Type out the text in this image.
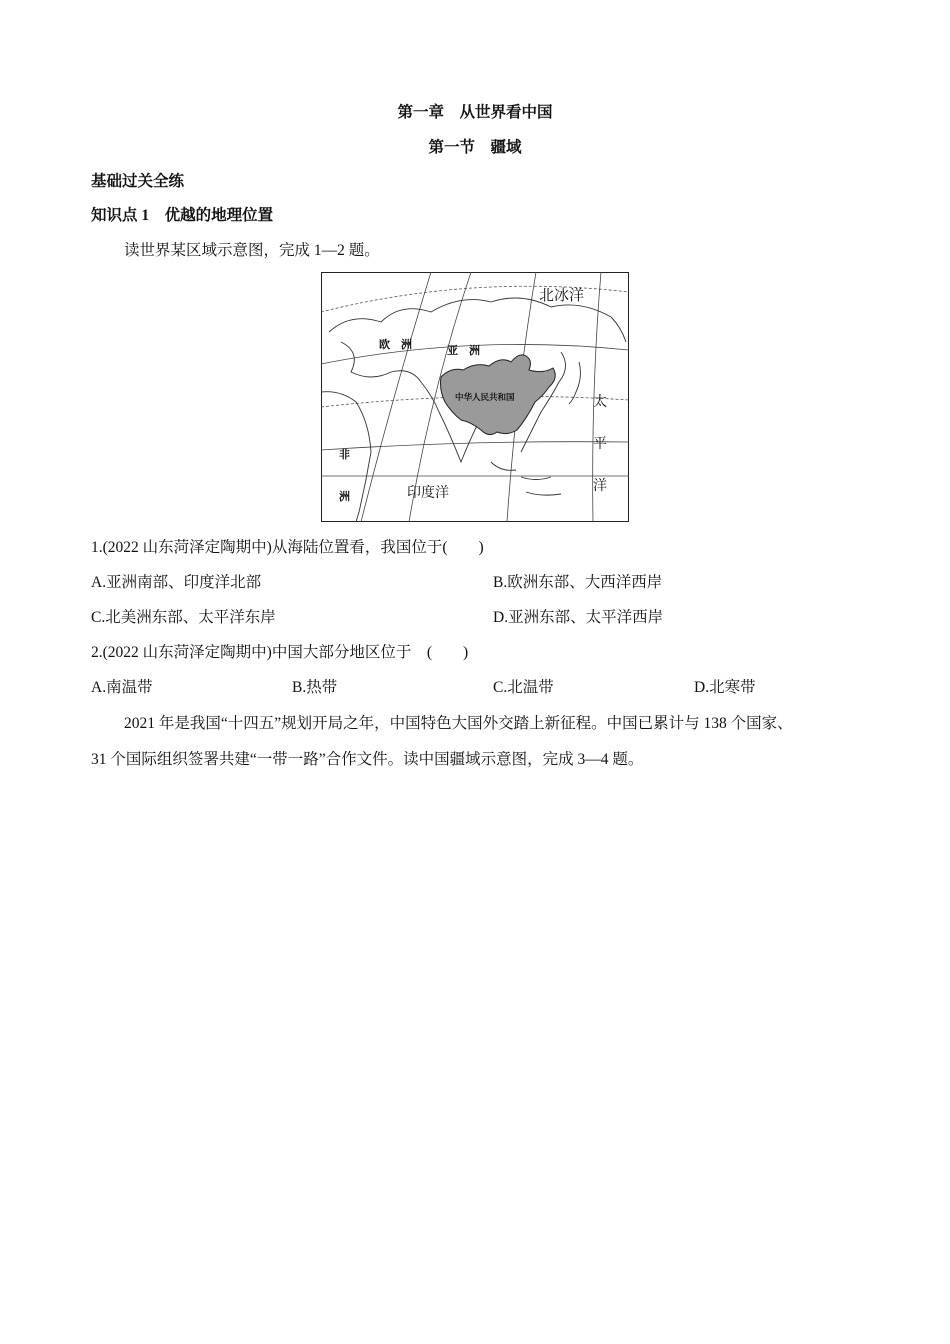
第一章　从世界看中国
第一节　疆域
基础过关全练
知识点 1　优越的地理位置
读世界某区域示意图，完成 1—2 题。
北冰洋
欧　洲	亚　洲
中华人民共和国	太
平
洋
非
洲	印度洋
1.(2022 山东菏泽定陶期中)从海陆位置看，我国位于(　　)
A.亚洲南部、印度洋北部	B.欧洲东部、大西洋西岸
C.北美洲东部、太平洋东岸	D.亚洲东部、太平洋西岸
2.(2022 山东菏泽定陶期中)中国大部分地区位于　(　　)
A.南温带	B.热带	C.北温带	D.北寒带
2021 年是我国“十四五”规划开局之年，中国特色大国外交踏上新征程。中国已累计与 138 个国家、
31 个国际组织签署共建“一带一路”合作文件。读中国疆域示意图，完成 3—4 题。
